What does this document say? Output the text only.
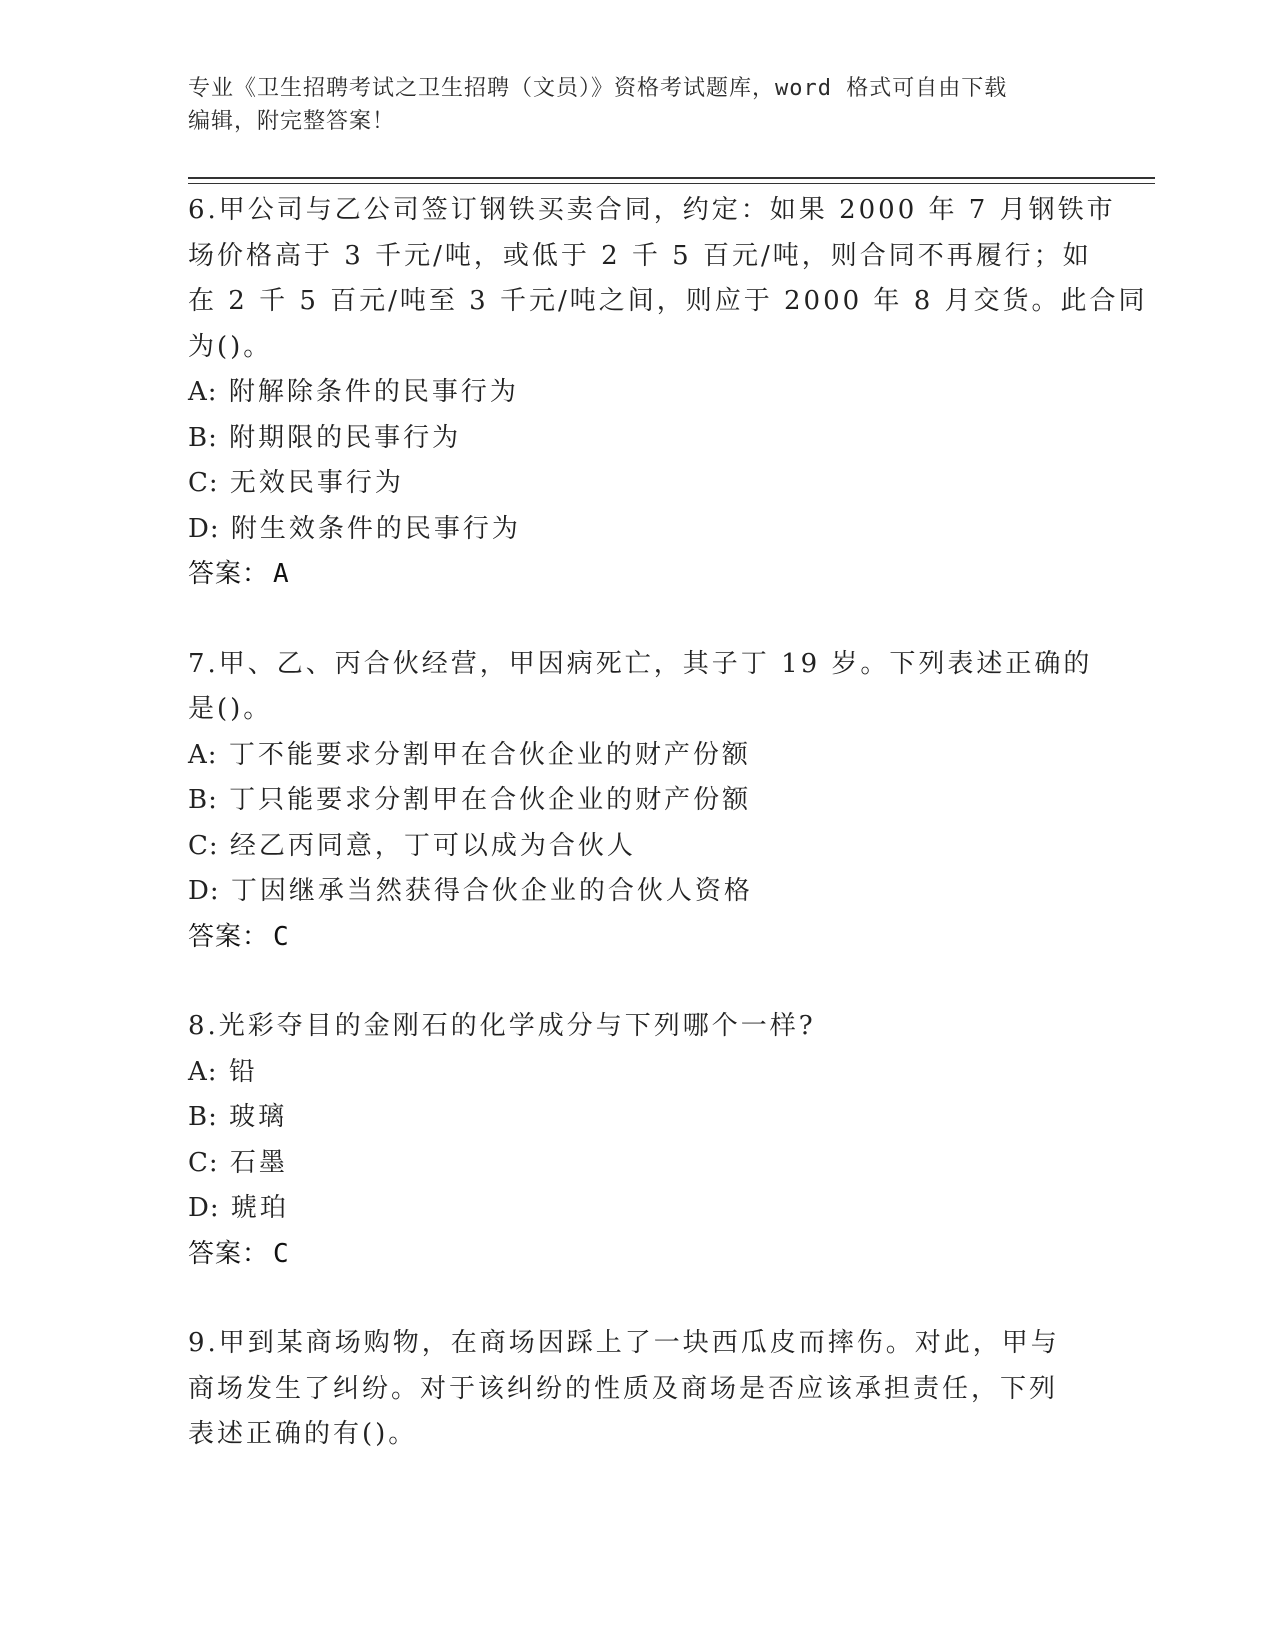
专业《卫生招聘考试之卫生招聘（文员）》资格考试题库，word 格式可自由下载
编辑，附完整答案！
6.甲公司与乙公司签订钢铁买卖合同，约定：如果 2000 年 7 月钢铁市
场价格高于 3 千元/吨，或低于 2 千 5 百元/吨，则合同不再履行；如
在 2 千 5 百元/吨至 3 千元/吨之间，则应于 2000 年 8 月交货。此合同
为()。
A: 附解除条件的民事行为
B: 附期限的民事行为
C: 无效民事行为
D: 附生效条件的民事行为
答案： A
7.甲、乙、丙合伙经营，甲因病死亡，其子丁 19 岁。下列表述正确的
是()。
A: 丁不能要求分割甲在合伙企业的财产份额
B: 丁只能要求分割甲在合伙企业的财产份额
C: 经乙丙同意，丁可以成为合伙人
D: 丁因继承当然获得合伙企业的合伙人资格
答案： C
8.光彩夺目的金刚石的化学成分与下列哪个一样?
A: 铅
B: 玻璃
C: 石墨
D: 琥珀
答案： C
9.甲到某商场购物，在商场因踩上了一块西瓜皮而摔伤。对此，甲与
商场发生了纠纷。对于该纠纷的性质及商场是否应该承担责任，下列
表述正确的有()。
